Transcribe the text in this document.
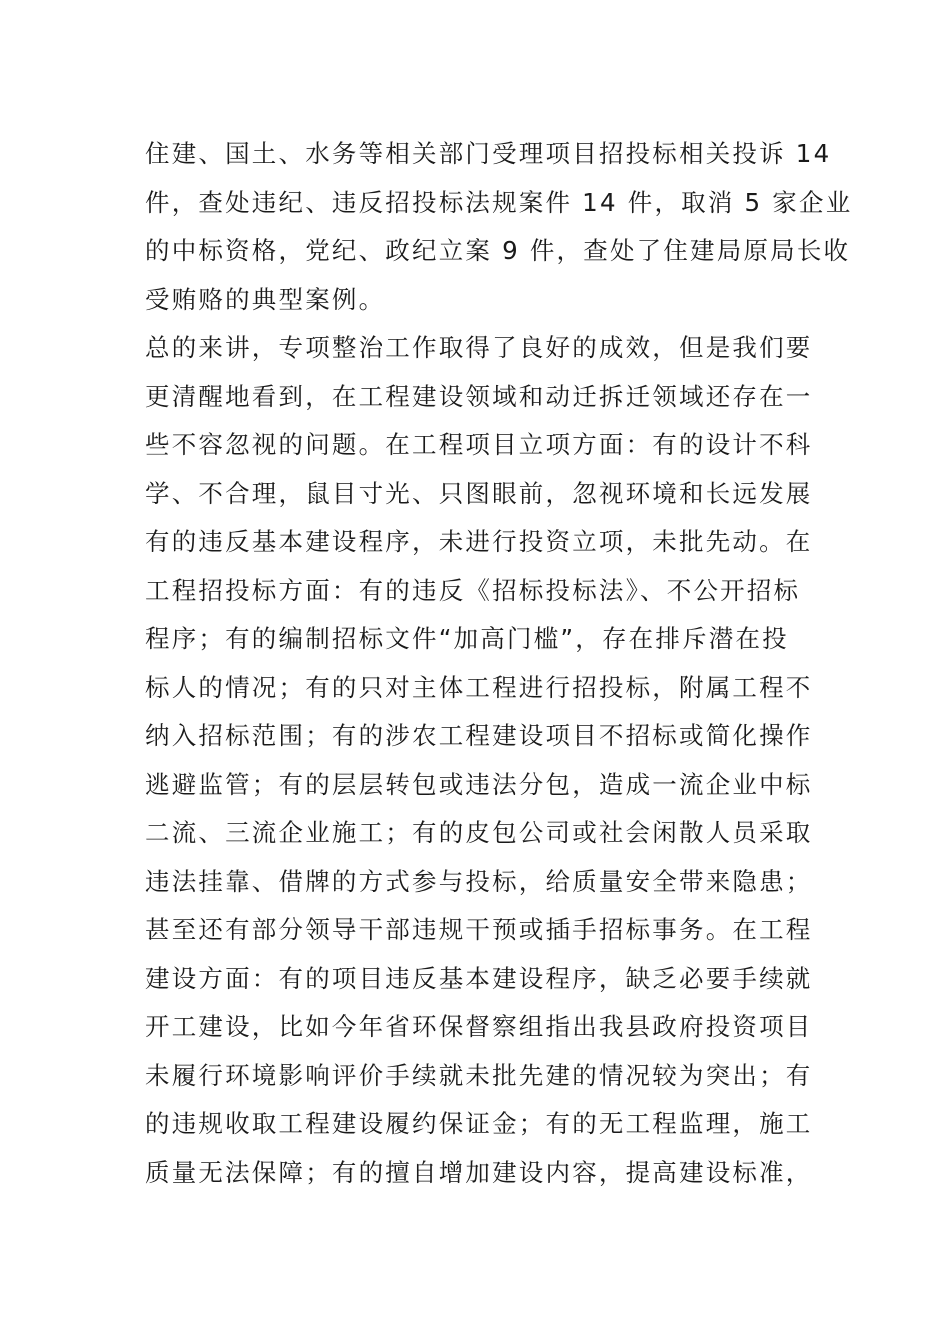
住建、国土、水务等相关部门受理项目招投标相关投诉 14
件，查处违纪、违反招投标法规案件 14 件，取消 5 家企业
的中标资格，党纪、政纪立案 9 件，查处了住建局原局长收
受贿赂的典型案例。
总的来讲，专项整治工作取得了良好的成效，但是我们要
更清醒地看到，在工程建设领域和动迁拆迁领域还存在一
些不容忽视的问题。在工程项目立项方面：有的设计不科
学、不合理，鼠目寸光、只图眼前，忽视环境和长远发展
有的违反基本建设程序，未进行投资立项，未批先动。在
工程招投标方面：有的违反《招标投标法》、不公开招标
程序；有的编制招标文件“加高门槛”，存在排斥潜在投
标人的情况；有的只对主体工程进行招投标，附属工程不
纳入招标范围；有的涉农工程建设项目不招标或简化操作
逃避监管；有的层层转包或违法分包，造成一流企业中标
二流、三流企业施工；有的皮包公司或社会闲散人员采取
违法挂靠、借牌的方式参与投标，给质量安全带来隐患；
甚至还有部分领导干部违规干预或插手招标事务。在工程
建设方面：有的项目违反基本建设程序，缺乏必要手续就
开工建设，比如今年省环保督察组指出我县政府投资项目
未履行环境影响评价手续就未批先建的情况较为突出；有
的违规收取工程建设履约保证金；有的无工程监理，施工
质量无法保障；有的擅自增加建设内容，提高建设标准，
